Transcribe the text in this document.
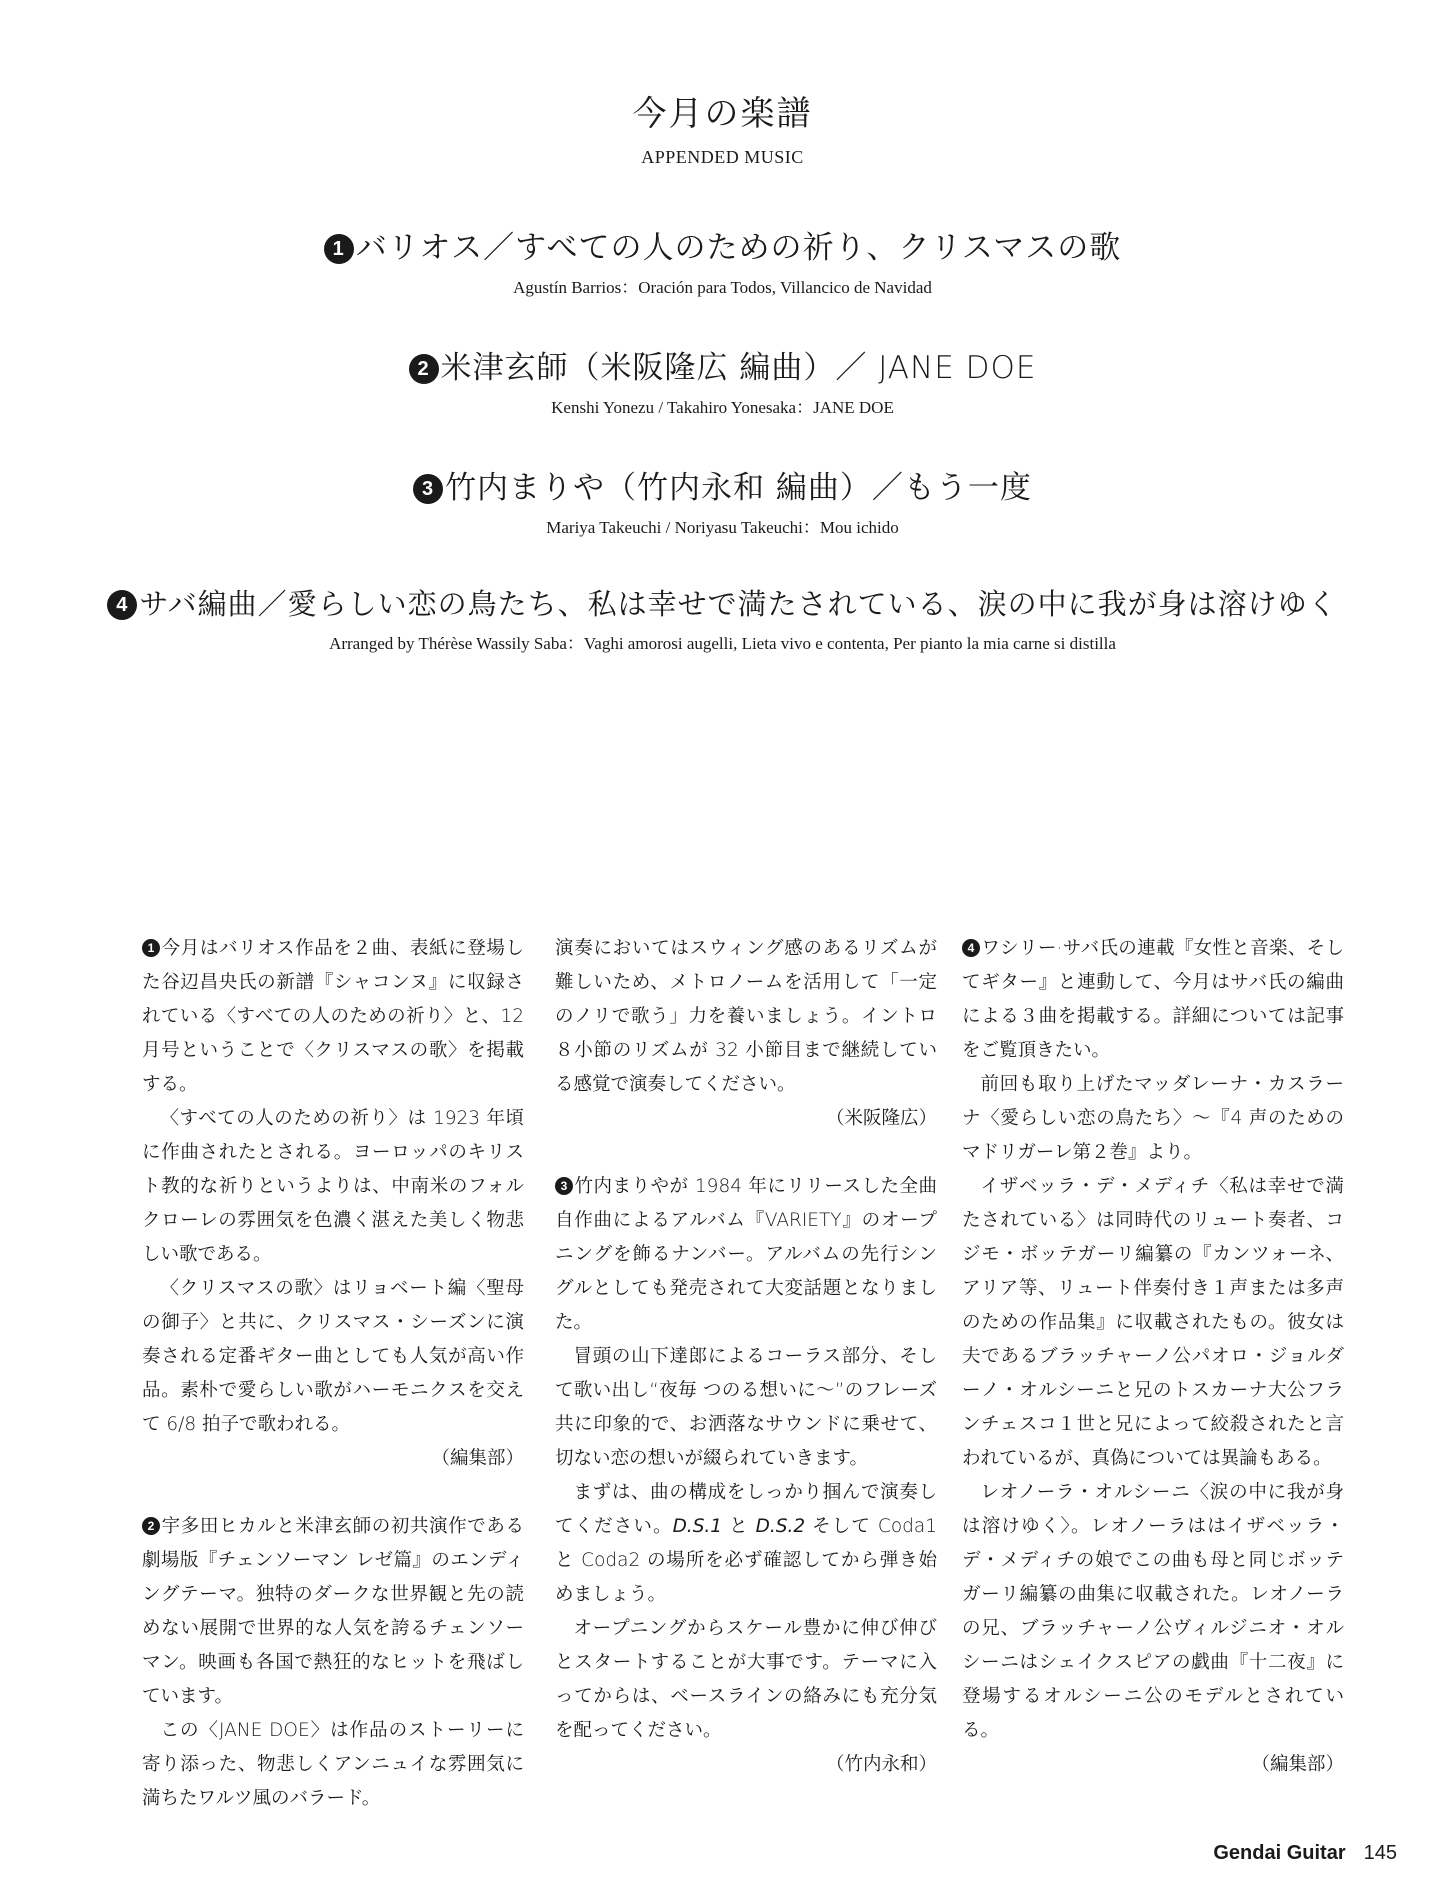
今月の楽譜
APPENDED MUSIC
1 バリオス／すべての人のための祈り、クリスマスの歌
Agustín Barrios：Oración para Todos, Villancico de Navidad
2 米津玄師（米阪隆広 編曲）／ JANE DOE
Kenshi Yonezu / Takahiro Yonesaka：JANE DOE
3 竹内まりや（竹内永和 編曲）／もう一度
Mariya Takeuchi / Noriyasu Takeuchi：Mou ichido
4 サバ編曲／愛らしい恋の鳥たち、私は幸せで満たされている、涙の中に我が身は溶けゆく
Arranged by Thérèse Wassily Saba：Vaghi amorosi augelli, Lieta vivo e contenta, Per pianto la mia carne si distilla

1 今月はバリオス作品を２曲、表紙に登場した谷辺昌央氏の新譜『シャコンヌ』に収録されている〈すべての人のための祈り〉と、12 月号ということで〈クリスマスの歌〉を掲載する。

〈すべての人のための祈り〉は 1923 年頃に作曲されたとされる。ヨーロッパのキリスト教的な祈りというよりは、中南米のフォルクローレの雰囲気を色濃く湛えた美しく物悲しい歌である。

〈クリスマスの歌〉はリョベート編〈聖母の御子〉と共に、クリスマス・シーズンに演奏される定番ギター曲としても人気が高い作品。素朴で愛らしい歌がハーモニクスを交えて 6/8 拍子で歌われる。

（編集部）

2 宇多田ヒカルと米津玄師の初共演作である劇場版『チェンソーマン レゼ篇』のエンディングテーマ。独特のダークな世界観と先の読めない展開で世界的な人気を誇るチェンソーマン。映画も各国で熱狂的なヒットを飛ばしています。

この〈JANE DOE〉は作品のストーリーに寄り添った、物悲しくアンニュイな雰囲気に満ちたワルツ風のバラード。

演奏においてはスウィング感のあるリズムが難しいため、メトロノームを活用して「一定のノリで歌う」力を養いましょう。イントロ８小節のリズムが 32 小節目まで継続している感覚で演奏してください。

（米阪隆広）

3 竹内まりやが 1984 年にリリースした全曲自作曲によるアルバム『VARIETY』のオープニングを飾るナンバー。アルバムの先行シングルとしても発売されて大変話題となりました。

冒頭の山下達郎によるコーラス部分、そして歌い出し“夜毎 つのる想いに〜”のフレーズ共に印象的で、お洒落なサウンドに乗せて、切ない恋の想いが綴られていきます。

まずは、曲の構成をしっかり掴んで演奏してください。D.S.1 と D.S.2 そして Coda1 と Coda2 の場所を必ず確認してから弾き始めましょう。

オープニングからスケール豊かに伸び伸びとスタートすることが大事です。テーマに入ってからは、ベースラインの絡みにも充分気を配ってください。

（竹内永和）

4 ワシリー·サバ氏の連載『女性と音楽、そしてギター』と連動して、今月はサバ氏の編曲による３曲を掲載する。詳細については記事をご覧頂きたい。

前回も取り上げたマッダレーナ・カスラーナ〈愛らしい恋の鳥たち〉〜『4 声のためのマドリガーレ第２巻』より。

イザベッラ・デ・メディチ〈私は幸せで満たされている〉は同時代のリュート奏者、コジモ・ボッテガーリ編纂の『カンツォーネ、アリア等、リュート伴奏付き１声または多声のための作品集』に収載されたもの。彼女は夫であるブラッチャーノ公パオロ・ジョルダーノ・オルシーニと兄のトスカーナ大公フランチェスコ１世と兄によって絞殺されたと言われているが、真偽については異論もある。

レオノーラ・オルシーニ〈涙の中に我が身は溶けゆく〉。レオノーラははイザベッラ・デ・メディチの娘でこの曲も母と同じボッテガーリ編纂の曲集に収載された。レオノーラの兄、ブラッチャーノ公ヴィルジニオ・オルシーニはシェイクスピアの戯曲『十二夜』に登場するオルシーニ公のモデルとされている。

（編集部）

Gendai Guitar 145
